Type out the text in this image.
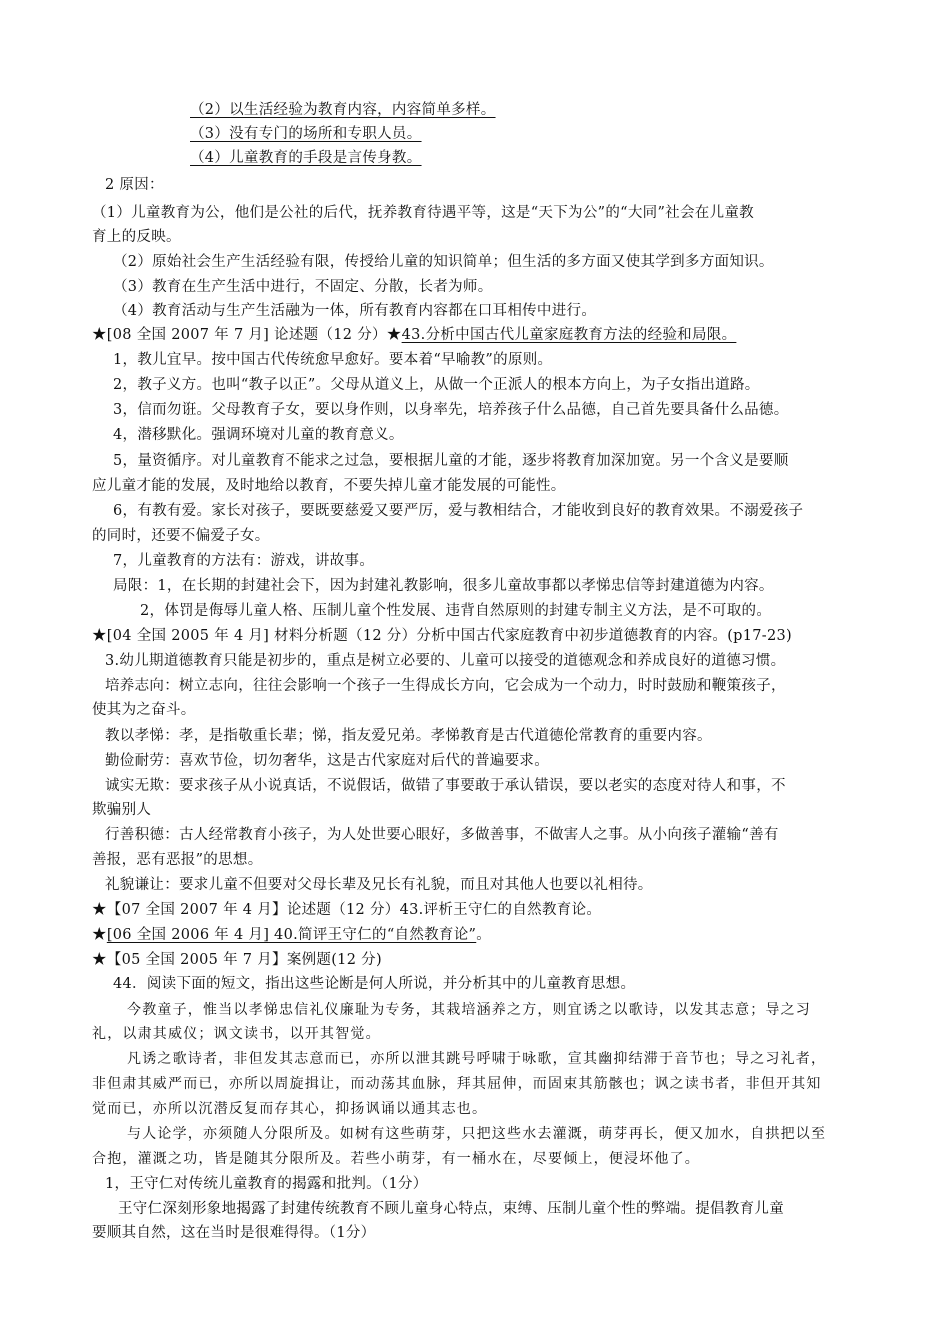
（2）以生活经验为教育内容，内容简单多样。
（3）没有专门的场所和专职人员。
（4）儿童教育的手段是言传身教。
2 原因：
（1）儿童教育为公，他们是公社的后代，抚养教育待遇平等，这是“天下为公”的“大同”社会在儿童教
育上的反映。
（2）原始社会生产生活经验有限，传授给儿童的知识简单；但生活的多方面又使其学到多方面知识。
（3）教育在生产生活中进行，不固定、分散，长者为师。
（4）教育活动与生产生活融为一体，所有教育内容都在口耳相传中进行。
★[08 全国 2007 年 7 月] 论述题（12 分）★43.分析中国古代儿童家庭教育方法的经验和局限。
1，教儿宜早。按中国古代传统愈早愈好。要本着“早喻教”的原则。
2，教子义方。也叫“教子以正”。父母从道义上，从做一个正派人的根本方向上，为子女指出道路。
3，信而勿诳。父母教育子女，要以身作则，以身率先，培养孩子什么品德，自己首先要具备什么品德。
4，潜移默化。强调环境对儿童的教育意义。
5，量资循序。对儿童教育不能求之过急，要根据儿童的才能，逐步将教育加深加宽。另一个含义是要顺
应儿童才能的发展，及时地给以教育，不要失掉儿童才能发展的可能性。
6，有教有爱。家长对孩子，要既要慈爱又要严厉，爱与教相结合，才能收到良好的教育效果。不溺爱孩子
的同时，还要不偏爱子女。
7，儿童教育的方法有：游戏，讲故事。
局限：1，在长期的封建社会下，因为封建礼教影响，很多儿童故事都以孝悌忠信等封建道德为内容。
2，体罚是侮辱儿童人格、压制儿童个性发展、违背自然原则的封建专制主义方法，是不可取的。
★[04 全国 2005 年 4 月] 材料分析题（12 分）分析中国古代家庭教育中初步道德教育的内容。(p17-23)
3.幼儿期道德教育只能是初步的，重点是树立必要的、儿童可以接受的道德观念和养成良好的道德习惯。
培养志向：树立志向，往往会影响一个孩子一生得成长方向，它会成为一个动力，时时鼓励和鞭策孩子，
使其为之奋斗。
教以孝悌：孝，是指敬重长辈；悌，指友爱兄弟。孝悌教育是古代道德伦常教育的重要内容。
勤俭耐劳：喜欢节俭，切勿奢华，这是古代家庭对后代的普遍要求。
诚实无欺：要求孩子从小说真话，不说假话，做错了事要敢于承认错误，要以老实的态度对待人和事，不
欺骗别人
行善积德：古人经常教育小孩子，为人处世要心眼好，多做善事，不做害人之事。从小向孩子灌输“善有
善报，恶有恶报”的思想。
礼貌谦让：要求儿童不但要对父母长辈及兄长有礼貌，而且对其他人也要以礼相待。
★【07 全国 2007 年 4 月】论述题（12 分）43.评析王守仁的自然教育论。
★[06 全国 2006 年 4 月] 40.简评王守仁的“自然教育论”。
★【05 全国 2005 年 7 月】案例题(12 分)
44．阅读下面的短文，指出这些论断是何人所说，并分析其中的儿童教育思想。
今教童子，惟当以孝悌忠信礼仪廉耻为专务，其栽培涵养之方，则宜诱之以歌诗，以发其志意；导之习
礼，以肃其威仪；讽文读书，以开其智觉。
凡诱之歌诗者，非但发其志意而已，亦所以泄其跳号呼啸于咏歌，宣其幽抑结滞于音节也；导之习礼者，
非但肃其威严而已，亦所以周旋揖让，而动荡其血脉，拜其屈伸，而固束其筋骸也；讽之读书者，非但开其知
觉而已，亦所以沉潜反复而存其心，抑扬讽诵以通其志也。
与人论学，亦须随人分限所及。如树有这些萌芽，只把这些水去灌溉，萌芽再长，便又加水，自拱把以至
合抱，灌溉之功，皆是随其分限所及。若些小萌芽，有一桶水在，尽要倾上，便浸坏他了。
1，王守仁对传统儿童教育的揭露和批判。（1分）
王守仁深刻形象地揭露了封建传统教育不顾儿童身心特点，束缚、压制儿童个性的弊端。提倡教育儿童
要顺其自然，这在当时是很难得得。（1分）
